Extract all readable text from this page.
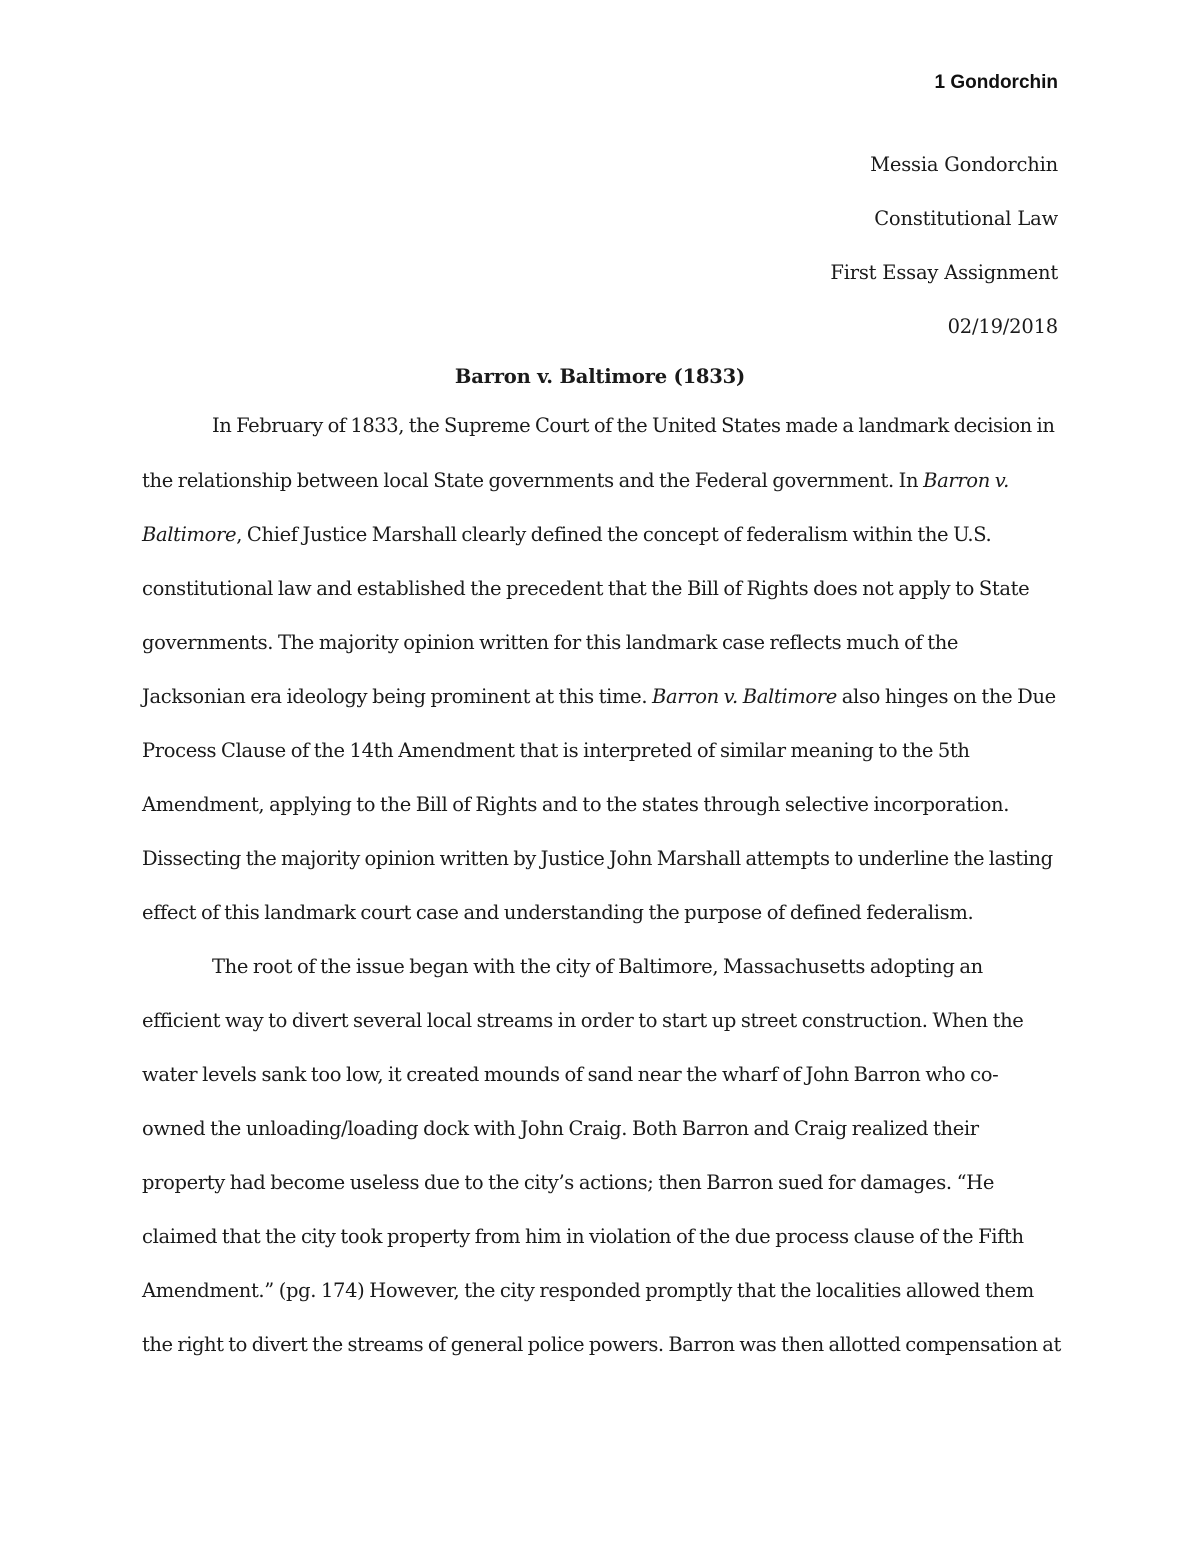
1 Gondorchin
Messia Gondorchin
Constitutional Law
First Essay Assignment
02/19/2018
Barron v. Baltimore (1833)
In February of 1833, the Supreme Court of the United States made a landmark decision in
the relationship between local State governments and the Federal government. In Barron v.
Baltimore, Chief Justice Marshall clearly defined the concept of federalism within the U.S.
constitutional law and established the precedent that the Bill of Rights does not apply to State
governments. The majority opinion written for this landmark case reflects much of the
Jacksonian era ideology being prominent at this time. Barron v. Baltimore also hinges on the Due
Process Clause of the 14th Amendment that is interpreted of similar meaning to the 5th
Amendment, applying to the Bill of Rights and to the states through selective incorporation.
Dissecting the majority opinion written by Justice John Marshall attempts to underline the lasting
effect of this landmark court case and understanding the purpose of defined federalism.
The root of the issue began with the city of Baltimore, Massachusetts adopting an
efficient way to divert several local streams in order to start up street construction. When the
water levels sank too low, it created mounds of sand near the wharf of John Barron who co-
owned the unloading/loading dock with John Craig. Both Barron and Craig realized their
property had become useless due to the city’s actions; then Barron sued for damages. “He
claimed that the city took property from him in violation of the due process clause of the Fifth
Amendment.” (pg. 174) However, the city responded promptly that the localities allowed them
the right to divert the streams of general police powers. Barron was then allotted compensation at
